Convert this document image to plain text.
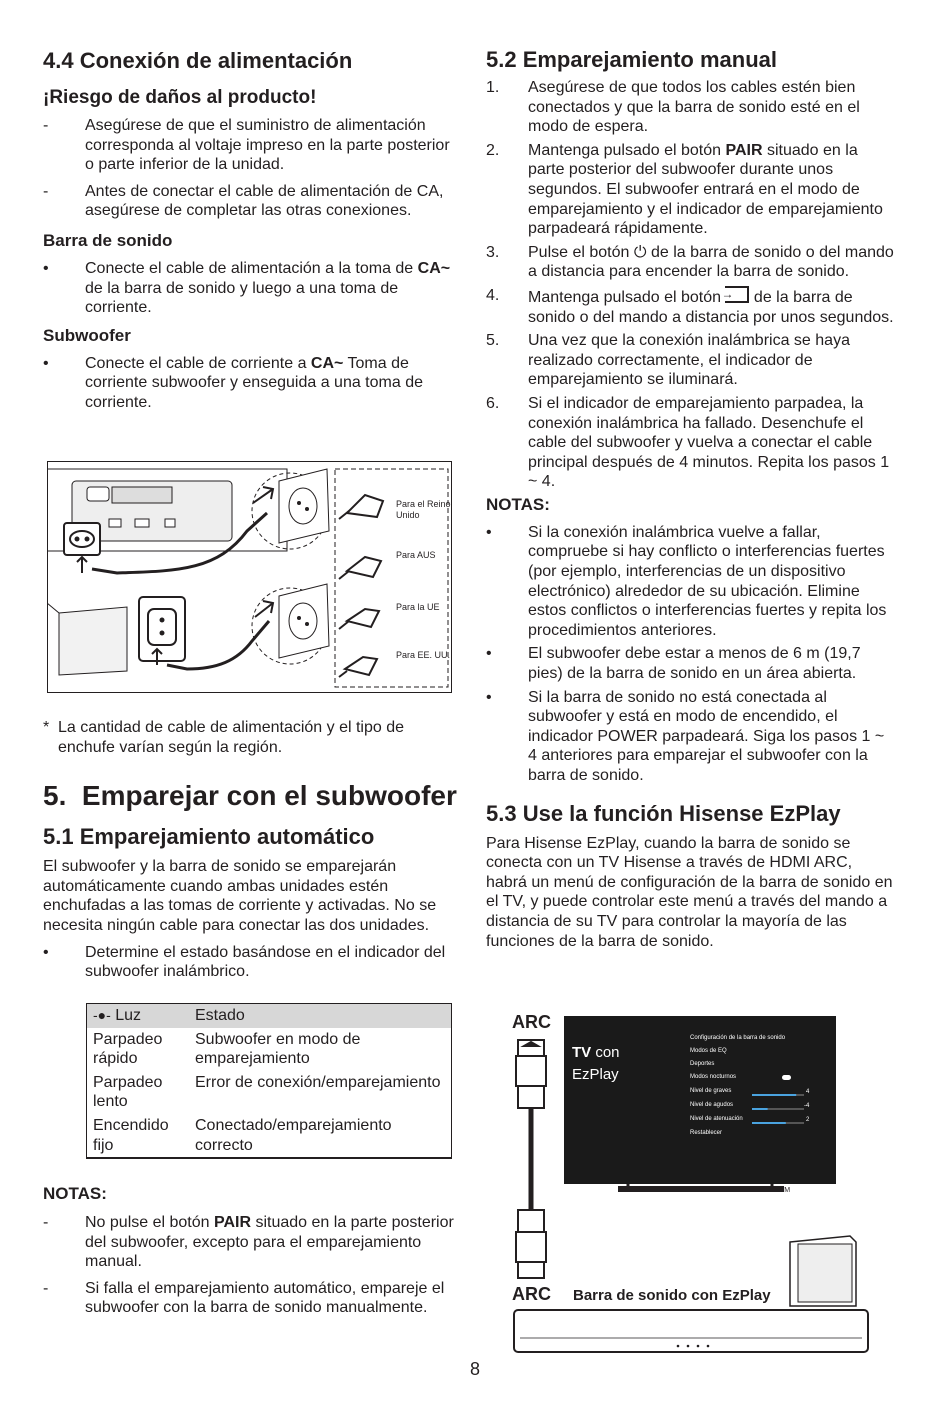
4.4 Conexión de alimentación
¡Riesgo de daños al producto!
-	Asegúrese de que el suministro de alimentación corresponda al voltaje impreso en la parte posterior o parte inferior de la unidad.
-	Antes de conectar el cable de alimentación de CA, asegúrese de completar las otras conexiones.
Barra de sonido
•	Conecte el cable de alimentación a la toma de CA~ de la barra de sonido y luego a una toma de corriente.
Subwoofer
•	Conecte el cable de corriente a CA~ Toma de corriente subwoofer y enseguida a una toma de corriente.
Para el Reino Unido
Para AUS
Para la UE
Para EE. UU.
* La cantidad de cable de alimentación y el tipo de enchufe varían según la región.
5.  Emparejar con el subwoofer
5.1 Emparejamiento automático

El subwoofer y la barra de sonido se emparejarán automáticamente cuando ambas unidades estén enchufadas a las tomas de corriente y activadas. No se necesita ningún cable para conectar las dos unidades.

•	Determine el estado basándose en el indicador del subwoofer inalámbrico.
-●- Luz	Estado
Parpadeo rápido	Subwoofer en modo de emparejamiento
Parpadeo lento	Error de conexión/emparejamiento
Encendido fijo	Conectado/emparejamiento correcto
NOTAS:
-	No pulse el botón PAIR situado en la parte posterior del subwoofer, excepto para el emparejamiento manual.
-	Si falla el emparejamiento automático, empareje el subwoofer con la barra de sonido manualmente.
5.2 Emparejamiento manual
1.	Asegúrese de que todos los cables estén bien conectados y que la barra de sonido esté en el modo de espera.
2.	Mantenga pulsado el botón PAIR situado en la parte posterior del subwoofer durante unos segundos. El subwoofer entrará en el modo de emparejamiento y el indicador de emparejamiento parpadeará rápidamente.
3.	Pulse el botón ⏻ de la barra de sonido o del mando a distancia para encender la barra de sonido.
4.	Mantenga pulsado el botón
→ de la barra de sonido o del mando a distancia por unos segundos.
5.	Una vez que la conexión inalámbrica se haya realizado correctamente, el indicador de emparejamiento se iluminará.
6.	Si el indicador de emparejamiento parpadea, la conexión inalámbrica ha fallado. Desenchufe el cable del subwoofer y vuelva a conectar el cable principal después de 4 minutos. Repita los pasos 1 ~ 4.
NOTAS:
•	Si la conexión inalámbrica vuelve a fallar, compruebe si hay conflicto o interferencias fuertes (por ejemplo, interferencias de un dispositivo electrónico) alrededor de su ubicación. Elimine estos conflictos o interferencias fuertes y repita los procedimientos anteriores.
•	El subwoofer debe estar a menos de 6 m (19,7 pies) de la barra de sonido en un área abierta.
•	Si la barra de sonido no está conectada al subwoofer y está en modo de encendido, el indicador POWER parpadeará. Siga los pasos 1 ~ 4 anteriores para emparejar el subwoofer con la barra de sonido.
5.3 Use la función Hisense EzPlay

Para Hisense EzPlay, cuando la barra de sonido se conecta con un TV Hisense a través de HDMI ARC, habrá un menú de configuración de la barra de sonido en el TV, y puede controlar este menú a través del mando a distancia de su TV para controlar la mayoría de las funciones de la barra de sonido.

ARC
ARC
TV con
EzPlay
Configuración de la barra de sonido
Modos de EQ
Deportes
Modos nocturnos
Nivel de graves
Nivel de agudos
Nivel de atenuación
Restablecer
4
-4
2
TM
Barra de sonido con EzPlay
8
